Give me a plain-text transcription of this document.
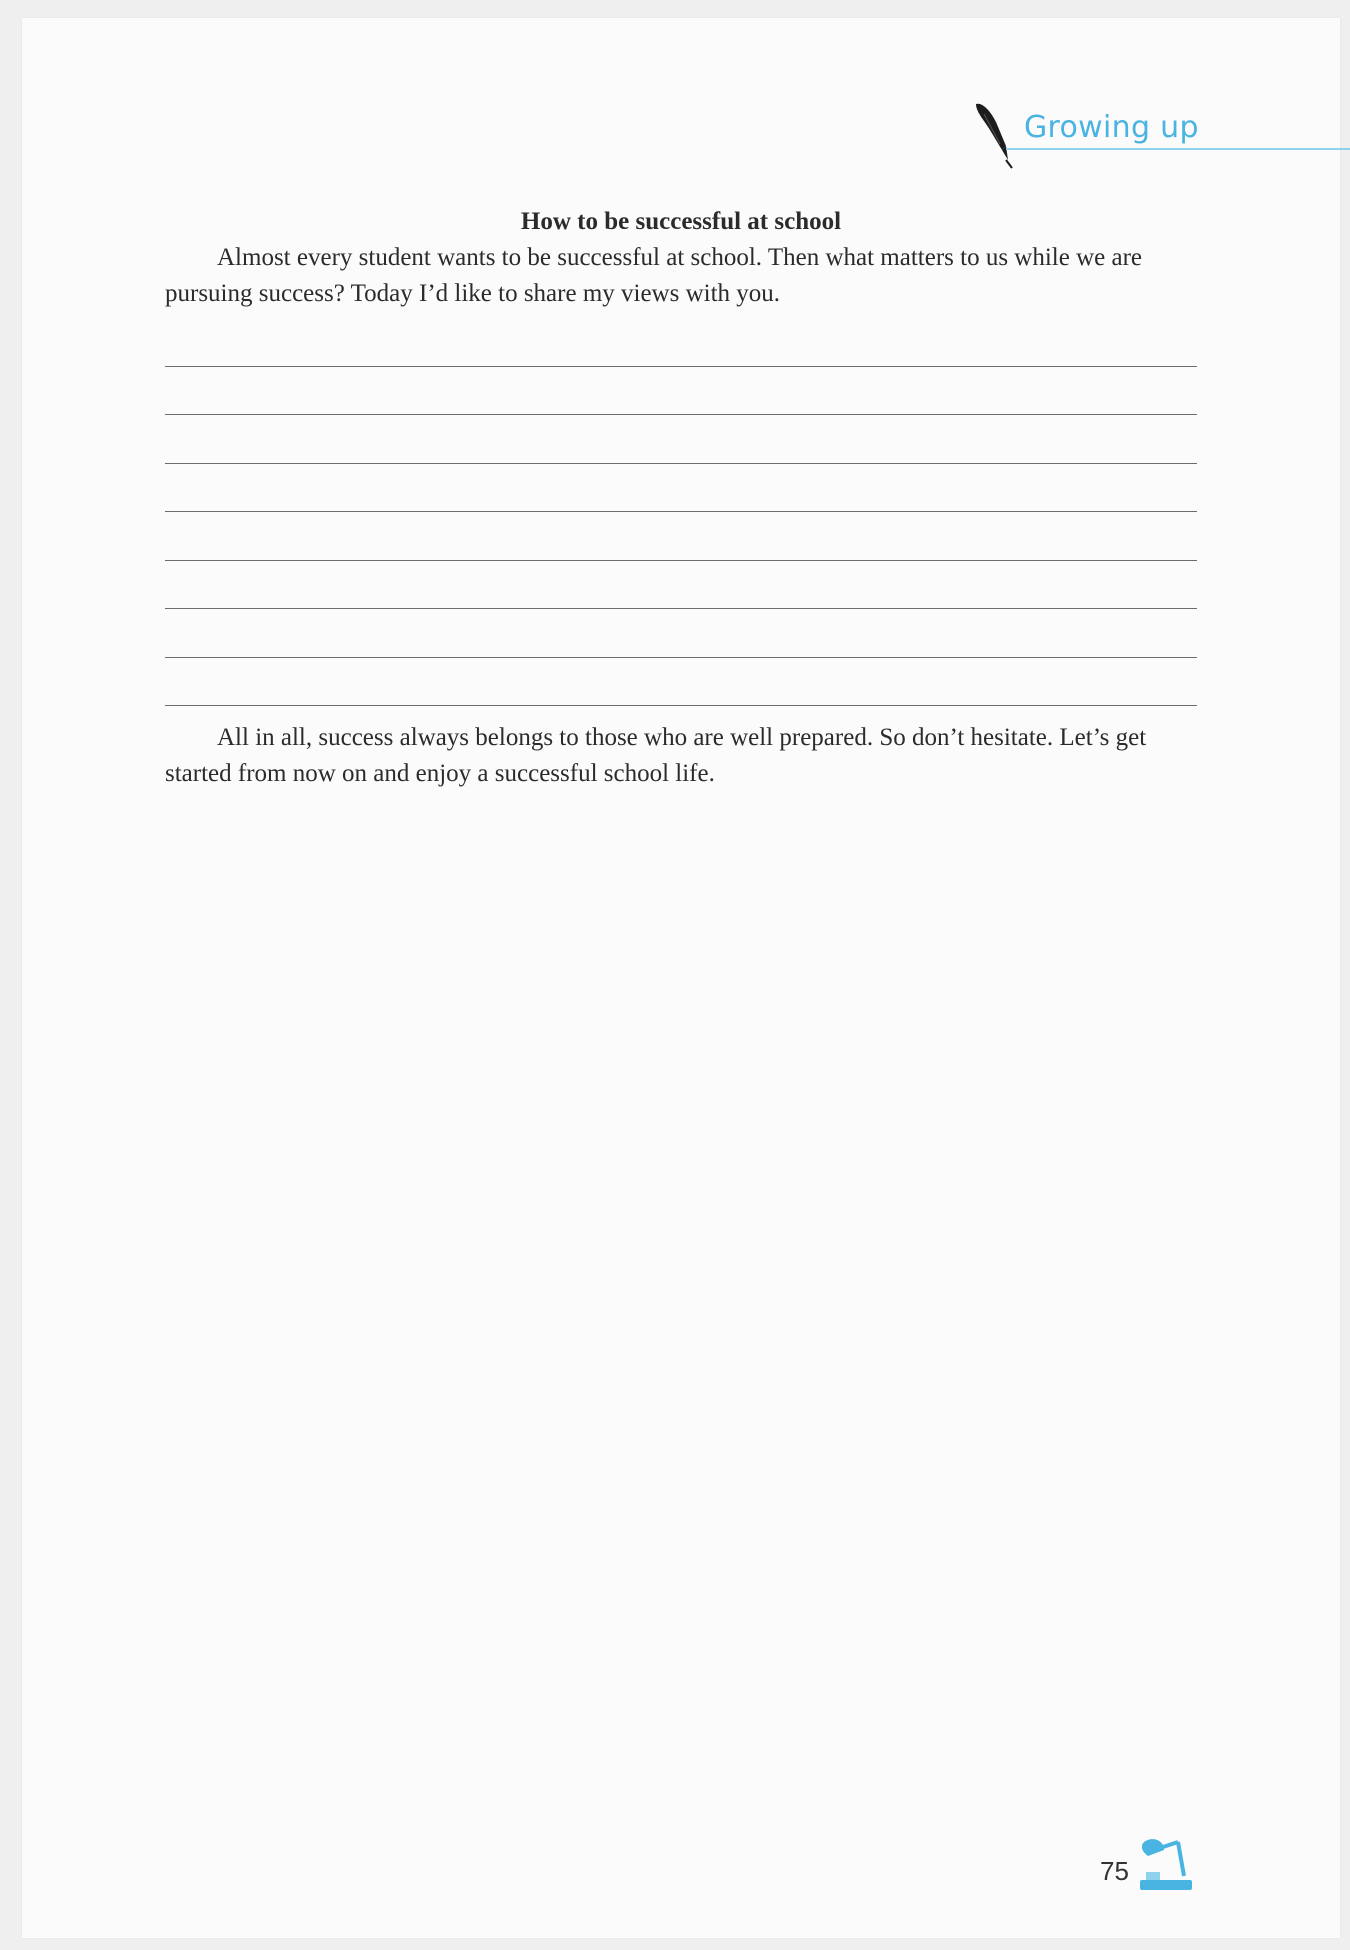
Growing up

How to be successful at school

Almost every student wants to be successful at school. Then what matters to us while we are pursuing success? Today I’d like to share my views with you.

All in all, success always belongs to those who are well prepared. So don’t hesitate. Let’s get started from now on and enjoy a successful school life.

75
